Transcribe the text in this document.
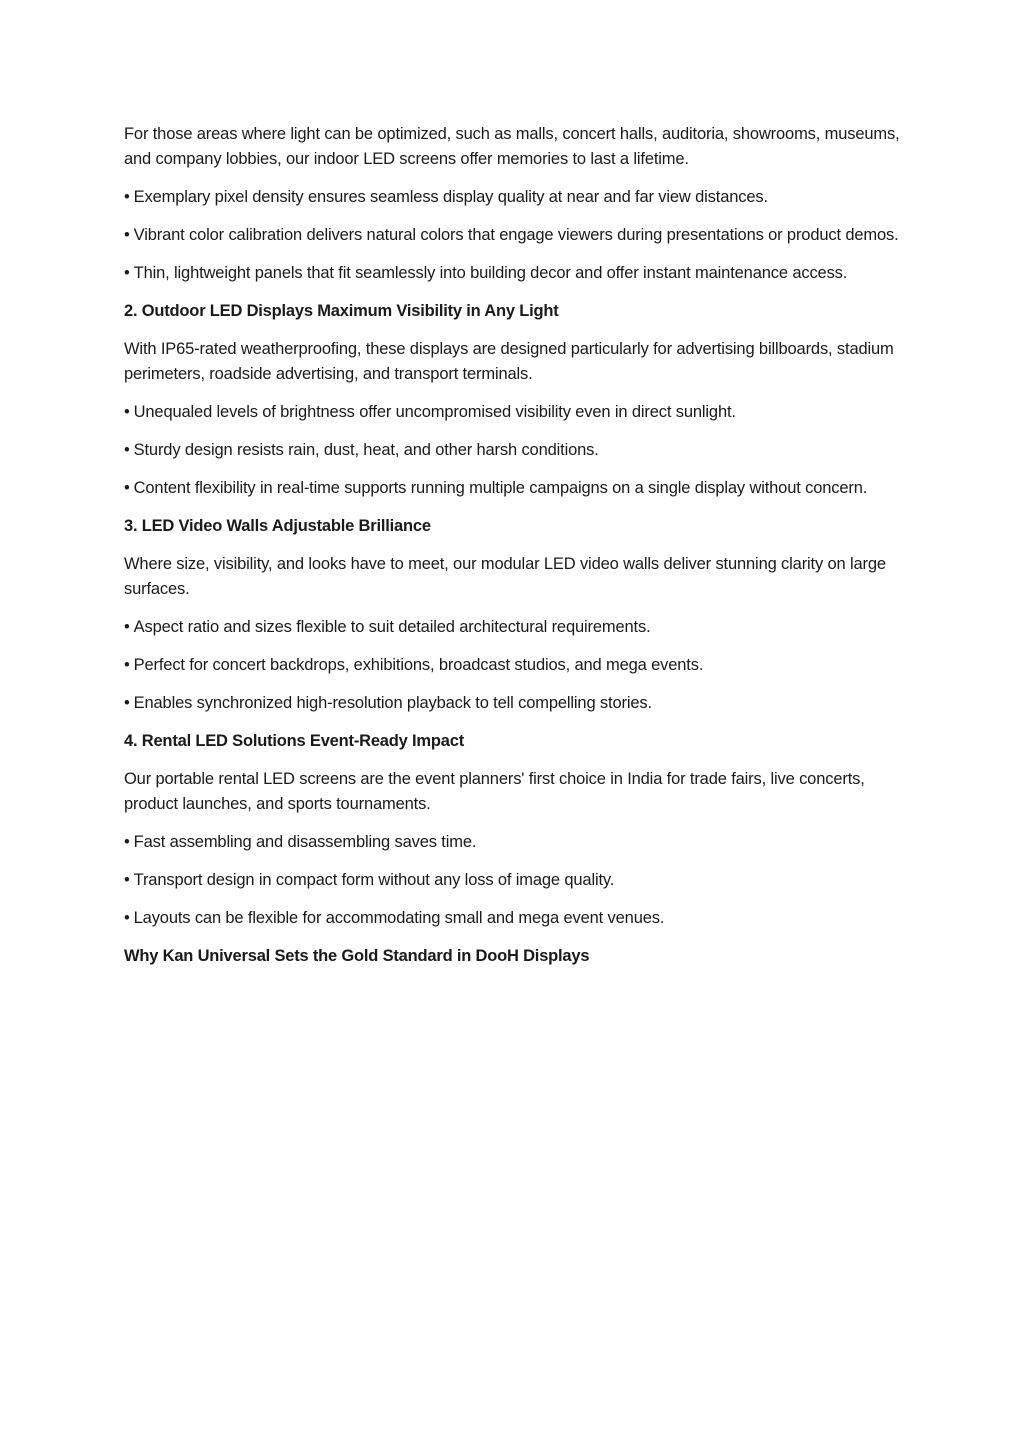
For those areas where light can be optimized, such as malls, concert halls, auditoria, showrooms, museums, and company lobbies, our indoor LED screens offer memories to last a lifetime.

• Exemplary pixel density ensures seamless display quality at near and far view distances.

• Vibrant color calibration delivers natural colors that engage viewers during presentations or product demos.

• Thin, lightweight panels that fit seamlessly into building decor and offer instant maintenance access.

2. Outdoor LED Displays Maximum Visibility in Any Light

With IP65-rated weatherproofing, these displays are designed particularly for advertising billboards, stadium perimeters, roadside advertising, and transport terminals.

• Unequaled levels of brightness offer uncompromised visibility even in direct sunlight.

• Sturdy design resists rain, dust, heat, and other harsh conditions.

• Content flexibility in real-time supports running multiple campaigns on a single display without concern.

3. LED Video Walls Adjustable Brilliance

Where size, visibility, and looks have to meet, our modular LED video walls deliver stunning clarity on large surfaces.

• Aspect ratio and sizes flexible to suit detailed architectural requirements.

• Perfect for concert backdrops, exhibitions, broadcast studios, and mega events.

• Enables synchronized high-resolution playback to tell compelling stories.

4. Rental LED Solutions Event-Ready Impact

Our portable rental LED screens are the event planners' first choice in India for trade fairs, live concerts, product launches, and sports tournaments.

• Fast assembling and disassembling saves time.

• Transport design in compact form without any loss of image quality.

• Layouts can be flexible for accommodating small and mega event venues.

Why Kan Universal Sets the Gold Standard in DooH Displays
